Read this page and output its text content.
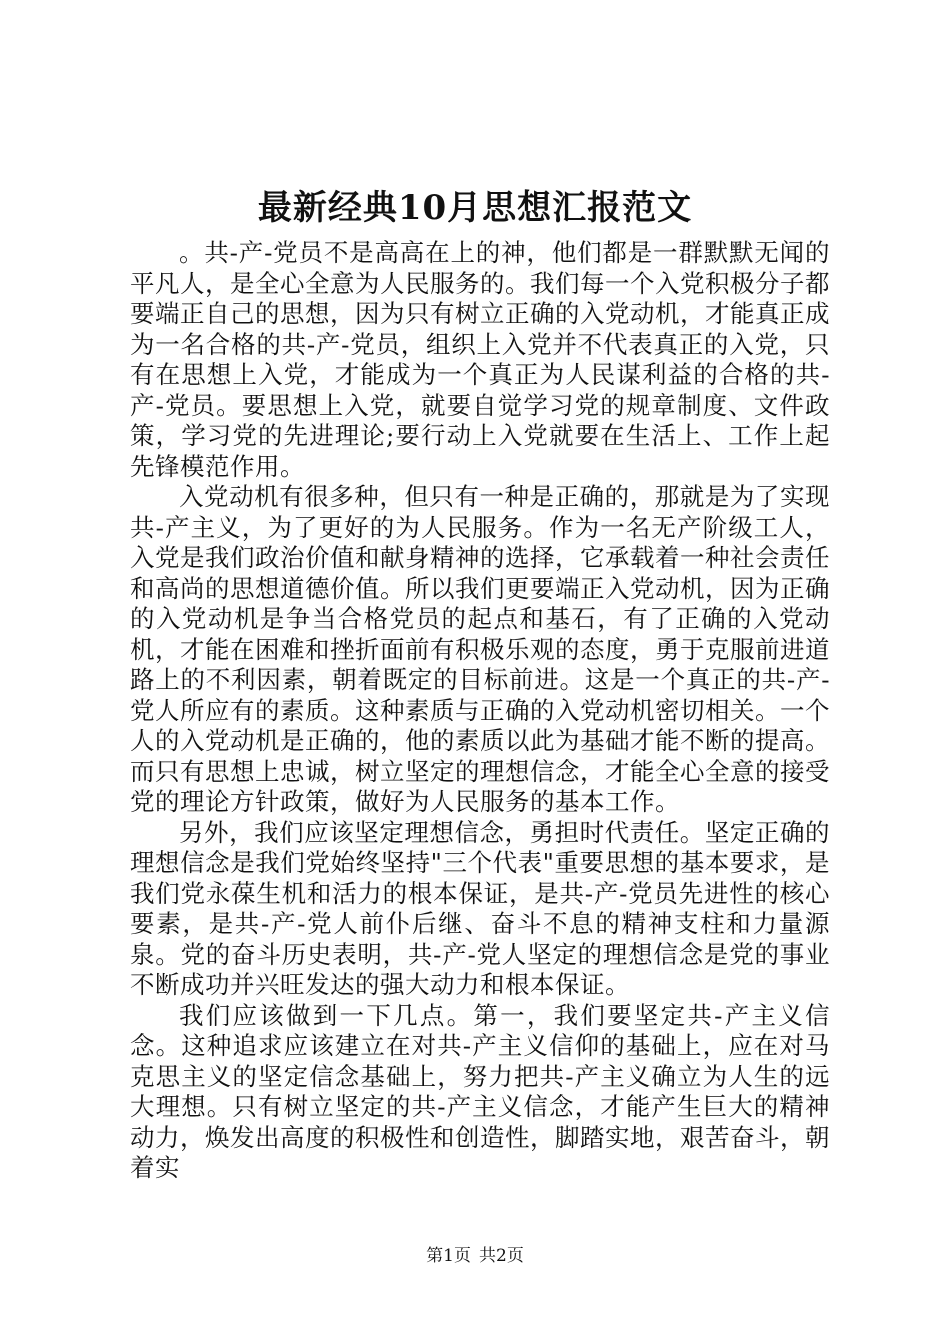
最新经典10月思想汇报范文

。共-产-党员不是高高在上的神，他们都是一群默默无闻的平凡人，是全心全意为人民服务的。我们每一个入党积极分子都要端正自己的思想，因为只有树立正确的入党动机，才能真正成为一名合格的共-产-党员，组织上入党并不代表真正的入党，只有在思想上入党，才能成为一个真正为人民谋利益的合格的共-产-党员。要思想上入党，就要自觉学习党的规章制度、文件政策，学习党的先进理论;要行动上入党就要在生活上、工作上起先锋模范作用。

入党动机有很多种，但只有一种是正确的，那就是为了实现共-产主义，为了更好的为人民服务。作为一名无产阶级工人，入党是我们政治价值和献身精神的选择，它承载着一种社会责任和高尚的思想道德价值。所以我们更要端正入党动机，因为正确的入党动机是争当合格党员的起点和基石，有了正确的入党动机，才能在困难和挫折面前有积极乐观的态度，勇于克服前进道路上的不利因素，朝着既定的目标前进。这是一个真正的共-产-党人所应有的素质。这种素质与正确的入党动机密切相关。一个人的入党动机是正确的，他的素质以此为基础才能不断的提高。而只有思想上忠诚，树立坚定的理想信念，才能全心全意的接受党的理论方针政策，做好为人民服务的基本工作。

另外，我们应该坚定理想信念，勇担时代责任。坚定正确的理想信念是我们党始终坚持"三个代表"重要思想的基本要求，是我们党永葆生机和活力的根本保证，是共-产-党员先进性的核心要素，是共-产-党人前仆后继、奋斗不息的精神支柱和力量源泉。党的奋斗历史表明，共-产-党人坚定的理想信念是党的事业不断成功并兴旺发达的强大动力和根本保证。

我们应该做到一下几点。第一，我们要坚定共-产主义信念。这种追求应该建立在对共-产主义信仰的基础上，应在对马克思主义的坚定信念基础上，努力把共-产主义确立为人生的远大理想。只有树立坚定的共-产主义信念，才能产生巨大的精神动力，焕发出高度的积极性和创造性，脚踏实地，艰苦奋斗，朝着实

第1页 共2页
